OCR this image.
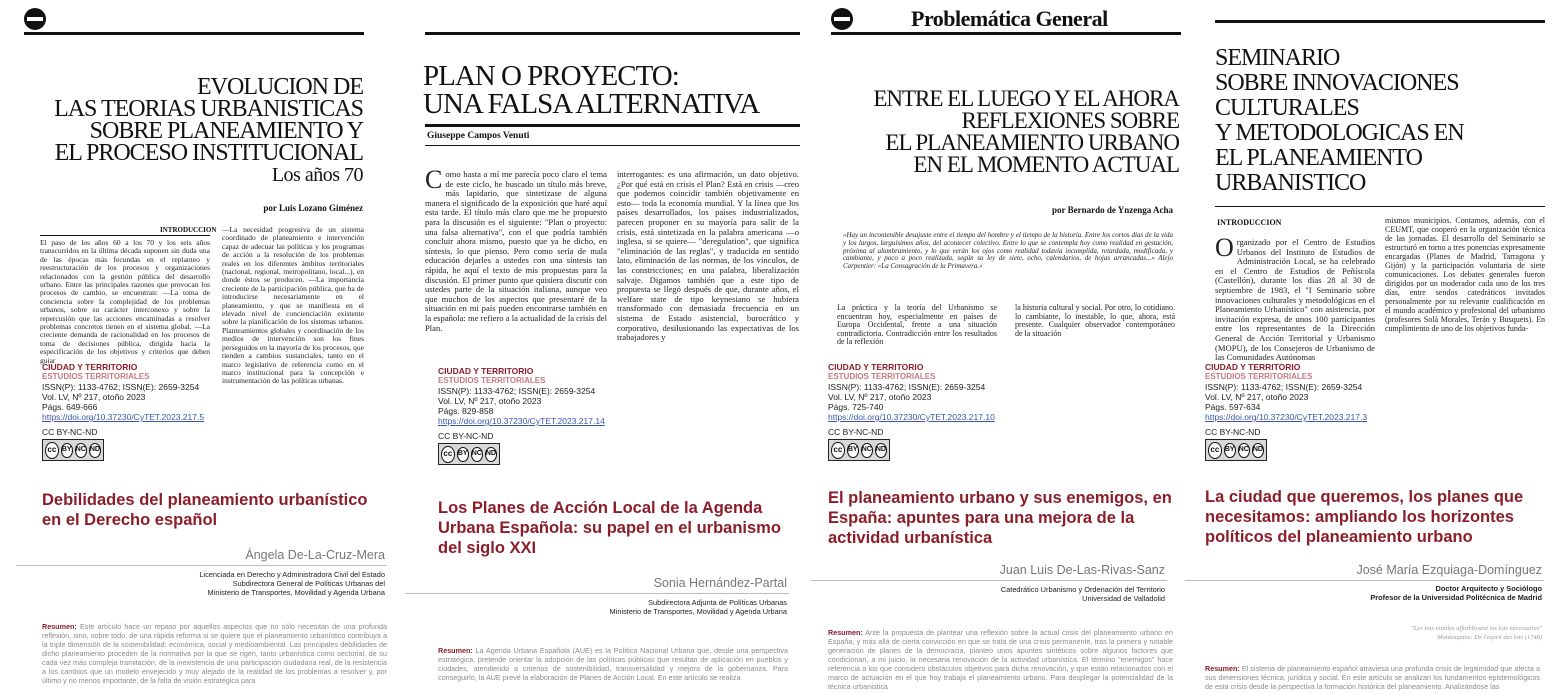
EVOLUCION DE
LAS TEORIAS URBANISTICAS
SOBRE PLANEAMIENTO Y
EL PROCESO INSTITUCIONAL
Los años 70
por Luis Lozano Giménez
INTRODUCCION
El paso de los años 60 a los 70 y los seis años transcurridos en la última década suponen sin duda una de las épocas más fecundas en el replanteo y reestructuración de los procesos y organizaciones relacionados con la gestión pública del desarrollo urbano. Entre las principales razones que provocan los procesos de cambio, se encuentran: —La toma de conciencia sobre la complejidad de los problemas urbanos, sobre su carácter interconexo y sobre la repercusión que las acciones encaminadas a resolver problemas concretos tienen en el sistema global. —La creciente demanda de racionalidad en los procesos de toma de decisiones pública, dirigida hacia la especificación de los objetivos y criterios que deben guiar
—La necesidad progresiva de un sistema coordinado de planeamiento e intervención capaz de adecuar las políticas y los programas de acción a la resolución de los problemas reales en los diferentes ámbitos territoriales (nacional, regional, metropolitano, local...), en donde éstos se producen. —La importancia creciente de la participación pública, que ha de introducirse necesariamente en el planeamiento, y que se manifiesta en el elevado nivel de concienciación existente sobre la planificación de los sistemas urbanos. Planteamientos globales y coordinación de los medios de intervención son los fines perseguidos en la mayoría de los procesos, que tienden a cambios sustanciales, tanto en el marco legislativo de referencia como en el marco institucional para la concepción e instrumentación de las políticas urbanas.
CIUDAD Y TERRITORIO
ESTUDIOS TERRITORIALES
ISSN(P): 1133-4762; ISSN(E): 2659-3254
Vol. LV, Nº 217, otoño 2023
Págs. 649-666
https://doi.org/10.37230/CyTET.2023.217.5
CC BY-NC-ND
cc BY NC ND
Debilidades del planeamiento urbanístico en el Derecho español
Ángela De-La-Cruz-Mera
Licenciada en Derecho y Administradora Civil del Estado
Subdirectora General de Políticas Urbanas del
Ministerio de Transportes, Movilidad y Agenda Urbana
Resumen: Este artículo hace un repaso por aquellos aspectos que no sólo necesitan de una profunda reflexión, sino, sobre todo, de una rápida reforma si se quiere que el planeamiento urbanístico contribuya a la triple dimensión de la sostenibilidad: económica, social y medioambiental. Las principales debilidades de dicho planeamiento proceden de la normativa por la que se rigen, tanto urbanística como sectorial, de su cada vez más compleja tramitación, de la inexistencia de una participación ciudadana real, de la resistencia a los cambios que un modelo envejecido y muy alejado de la realidad de los problemas a resolver y, por último y no menos importante, de la falta de visión estratégica para
PLAN O PROYECTO:
UNA FALSA ALTERNATIVA
Giuseppe Campos Venuti
Como hasta a mí me parecía poco claro el tema de este ciclo, he buscado un título más breve, más lapidario, que sintetizase de alguna manera el significado de la exposición que haré aquí esta tarde. El título más claro que me he propuesto para la discusión es el siguiente: "Plan o proyecto: una falsa alternativa", con el que podría también concluir ahora mismo, puesto que ya he dicho, en síntesis, lo que pienso. Pero como sería de mala educación dejarles a ustedes con una síntesis tan rápida, he aquí el texto de mis propuestas para la discusión. El primer punto que quisiera discutir con ustedes parte de la situación italiana, aunque veo que muchos de los aspectos que presentaré de la situación en mi país pueden encontrarse también en la española: me refiero a la actualidad de la crisis del Plan.
interrogantes: es una afirmación, un dato objetivo. ¿Por qué está en crisis el Plan? Está en crisis —creo que podemos coincidir también objetivamente en esto— toda la economía mundial. Y la línea que los países desarrollados, los países industrializados, parecen proponer en su mayoría para salir de la crisis, está sintetizada en la palabra americana —o inglesa, si se quiere— "deregulation", que significa "eliminación de las reglas", y traducida en sentido lato, eliminación de las normas, de los vínculos, de las constricciones; en una palabra, liberalización salvaje. Digamos también que a este tipo de propuesta se llegó después de que, durante años, el welfare state de tipo keynesiano se hubiera transformado con demasiada frecuencia en un sistema de Estado asistencial, burocrático y corporativo, desilusionando las expectativas de los trabajadores y
CIUDAD Y TERRITORIO
ESTUDIOS TERRITORIALES
ISSN(P): 1133-4762; ISSN(E): 2659-3254
Vol. LV, Nº 217, otoño 2023
Págs. 829-858
https://doi.org/10.37230/CyTET.2023.217.14
CC BY-NC-ND
cc BY NC ND
Los Planes de Acción Local de la Agenda Urbana Española: su papel en el urbanismo del siglo XXI
Sonia Hernández-Partal
Subdirectora Adjunta de Políticas Urbanas
Ministerio de Transportes, Movilidad y Agenda Urbana
Resumen: La Agenda Urbana Española (AUE) es la Política Nacional Urbana que, desde una perspectiva estratégica, pretende orientar la adopción de las políticas públicas que resultan de aplicación en pueblos y ciudades, atendiendo a criterios de sostenibilidad, transversalidad y mejora de la gobernanza. Para conseguirlo, la AUE prevé la elaboración de Planes de Acción Local. En este artículo se realiza
Problemática General
ENTRE EL LUEGO Y EL AHORA
REFLEXIONES SOBRE
EL PLANEAMIENTO URBANO
EN EL MOMENTO ACTUAL
por Bernardo de Ynzenga Acha
«Hay un incontenible desajuste entre el tiempo del hombre y el tiempo de la historia. Entre los cortos días de la vida y los largos, larguísimos años, del acontecer colectivo. Entre lo que se contempla hoy como realidad en gestación, próxima al alumbramiento, y lo que verán los ojos como realidad todavía incumplida, retardada, modificada, y cambiante, y poco a poco realizada, según su ley de siete, ocho, calendarios, de hojas arrancadas...» Alejo Carpentier: «La Consagración de la Primavera.»
La práctica y la teoría del Urbanismo se encuentran hoy, especialmente en países de Europa Occidental, frente a una situación contradictoria. Contradicción entre los resultados de la reflexión
la historia cultural y social. Por otro, lo cotidiano. lo cambiante, lo inestable, lo que, ahora, está presente. Cualquier observador contemporáneo de la situación
CIUDAD Y TERRITORIO
ESTUDIOS TERRITORIALES
ISSN(P): 1133-4762; ISSN(E): 2659-3254
Vol. LV, Nº 217, otoño 2023
Págs. 725-740
https://doi.org/10.37230/CyTET.2023.217.10
CC BY-NC-ND
cc BY NC ND
El planeamiento urbano y sus enemigos, en España: apuntes para una mejora de la actividad urbanística
Juan Luis De-Las-Rivas-Sanz
Catedrático Urbanismo y Ordenación del Territorio
Universidad de Valladolid
Resumen: Ante la propuesta de plantear una reflexión sobre la actual crisis del planeamiento urbano en España, y más allá de cierta convicción en que se trata de una crisis permanente, tras la primera y notable generación de planes de la democracia, planteo unos apuntes sintéticos sobre algunos factores que condicionan, a mi juicio, la necesaria renovación de la actividad urbanística. El término "enemigos" hace referencia a los que considero obstáculos objetivos para dicha renovación, y que están relacionados con el marco de actuación en el que hoy trabaja el planeamiento urbano. Para desplegar la potencialidad de la técnica urbanística
SEMINARIO
SOBRE INNOVACIONES
CULTURALES
Y METODOLOGICAS EN
EL PLANEAMIENTO
URBANISTICO
INTRODUCCION
Organizado por el Centro de Estudios Urbanos del Instituto de Estudios de Administración Local, se ha celebrado en el Centro de Estudios de Peñíscola (Castellón), durante los días 28 al 30 de septiembre de 1983, el "I Seminario sobre innovaciones culturales y metodológicas en el Planeamiento Urbanístico" con asistencia, por invitación expresa, de unos 100 participantes entre los representantes de la Dirección General de Acción Territorial y Urbanismo (MOPU), de los Consejeros de Urbanismo de las Comunidades Autónomas
mismos municipios. Contamos, además, con el CEUMT, que cooperó en la organización técnica de las jornadas. El desarrollo del Seminario se estructuró en torno a tres ponencias expresamente encargadas (Planes de Madrid, Tarragona y Gijón) y la participación voluntaria de siete comunicaciones. Los debates generales fueron dirigidos por un moderador cada uno de los tres días, entre sendos catedráticos invitados personalmente por su relevante cualificación en el mundo académico y profesional del urbanismo (profesores Solá Morales, Terán y Busquets). En cumplimiento de uno de los objetivos funda-
CIUDAD Y TERRITORIO
ESTUDIOS TERRITORIALES
ISSN(P): 1133-4762; ISSN(E): 2659-3254
Vol. LV, Nº 217, otoño 2023
Págs. 597-634
https://doi.org/10.37230/CyTET.2023.217.3
CC BY-NC-ND
cc BY NC ND
La ciudad que queremos, los planes que necesitamos: ampliando los horizontes políticos del planeamiento urbano
José María Ezquiaga-Domínguez
Doctor Arquitecto y Sociólogo
Profesor de la Universidad Politécnica de Madrid
"Les lois inutiles affaiblissent les lois nécessaires"
Montesquieu: De l'esprit des lois (1748)
Resumen: El sistema de planeamiento español atraviesa una profunda crisis de legitimidad que afecta a sus dimensiones técnica, jurídica y social. En este artículo se analizan los fundamentos epistemológicos de esta crisis desde la perspectiva la formación histórica del planeamiento. Analizándose las
